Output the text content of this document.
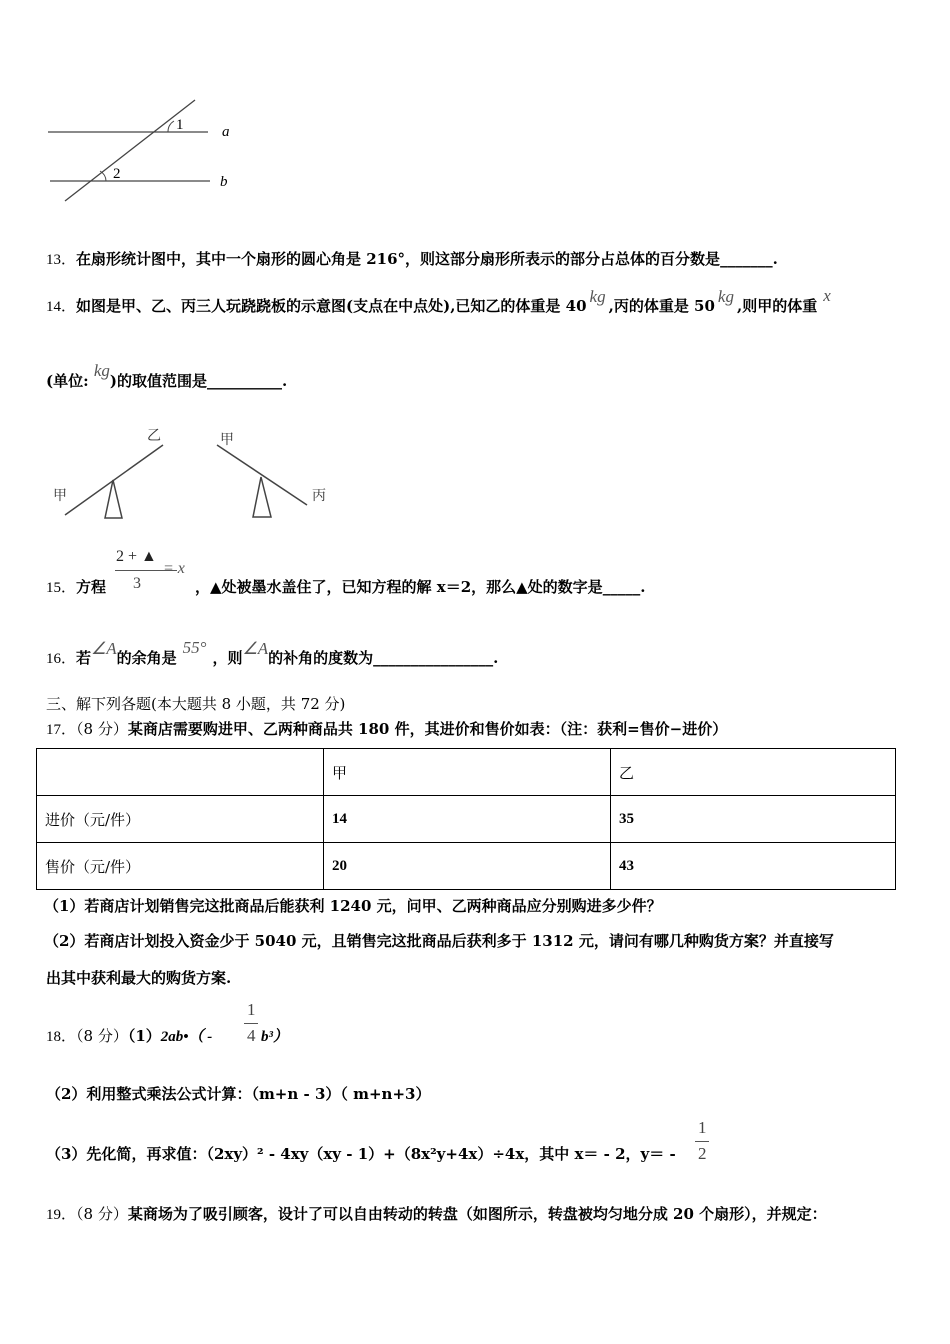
1
2
a
b
13．在扇形统计图中，其中一个扇形的圆心角是 216°，则这部分扇形所表示的部分占总体的百分数是_______.
14．如图是甲、乙、丙三人玩跷跷板的示意图(支点在中点处),已知乙的体重是 40 kg ,丙的体重是 50 kg ,则甲的体重x
(单位: kg)的取值范围是__________.
甲
乙	甲
丙
15．方程
2 + ▲
3
= x
，▲处被墨水盖住了，已知方程的解 x＝2，那么▲处的数字是_____.
16．若∠A的余角是55°，则∠A的补角的度数为________________.
三、解下列各题(本大题共 8 小题，共 72 分)
17．（8 分）某商店需要购进甲、乙两种商品共 180 件，其进价和售价如表：（注：获利=售价−进价）
	甲	乙
进价（元/件）	14	35
售价（元/件）	20	43
（1）若商店计划销售完这批商品后能获利 1240 元，问甲、乙两种商品应分别购进多少件？
（2）若商店计划投入资金少于 5040 元，且销售完这批商品后获利多于 1312 元，请问有哪几种购货方案？并直接写
出其中获利最大的购货方案.
18．（8 分）（1）2ab•（ -
1
4 b³）
（2）利用整式乘法公式计算：（m+n - 3）（ m+n+3）
（3）先化简，再求值：（2xy）² - 4xy（xy - 1）+（8x²y+4x）÷4x，其中 x＝ - 2，y＝ -
1
2
19．（8 分）某商场为了吸引顾客，设计了可以自由转动的转盘（如图所示，转盘被均匀地分成 20 个扇形），并规定：
